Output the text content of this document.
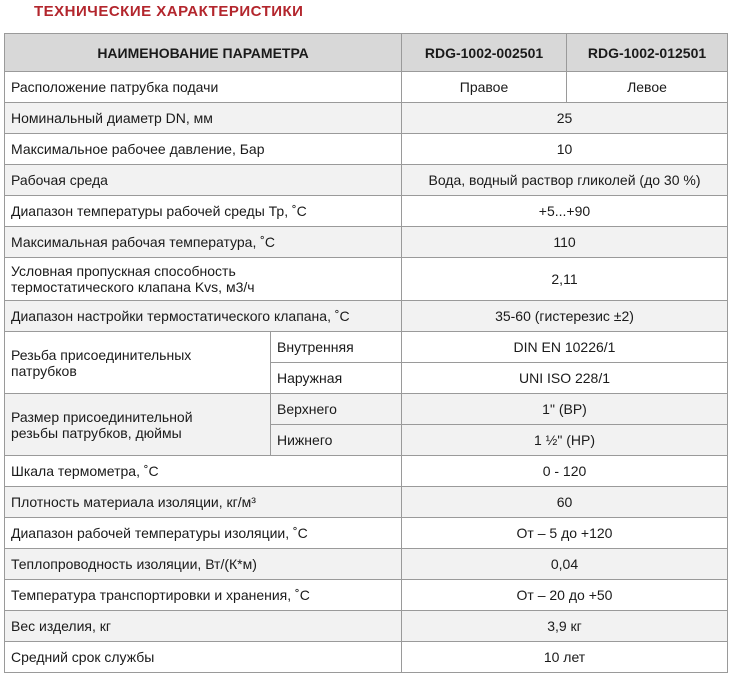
ТЕХНИЧЕСКИЕ ХАРАКТЕРИСТИКИ
НАИМЕНОВАНИЕ ПАРАМЕТРА		RDG-1002-002501	RDG-1002-012501
Расположение патрубка подачи		Правое	Левое
Номинальный диаметр DN, мм		25	
Максимальное рабочее давление, Бар		10	
Рабочая среда		Вода, водный раствор гликолей (до 30 %)	
Диапазон температуры рабочей среды Тр, ˚С		+5...+90	
Максимальная рабочая температура, ˚С		110	

Условная пропускная способность
термостатического клапана Kvs, м3/ч		2,11	
Диапазон настройки термостатического клапана, ˚С		35-60 (гистерезис ±2)	

Резьба присоединительных
патрубков	Внутренняя	DIN EN 10226/1	
	Наружная	UNI ISO 228/1	

Размер присоединительной
резьбы патрубков, дюймы	Верхнего	1" (ВР)	
	Нижнего	1 ½" (НР)	
Шкала термометра, ˚С		0 - 120	
Плотность материала изоляции, кг/м³		60	
Диапазон рабочей температуры изоляции, ˚С		От – 5 до +120	
Теплопроводность изоляции, Вт/(К*м)		0,04	
Температура транспортировки и хранения, ˚С		От – 20 до +50	
Вес изделия, кг		3,9 кг	
Средний срок службы		10 лет	
